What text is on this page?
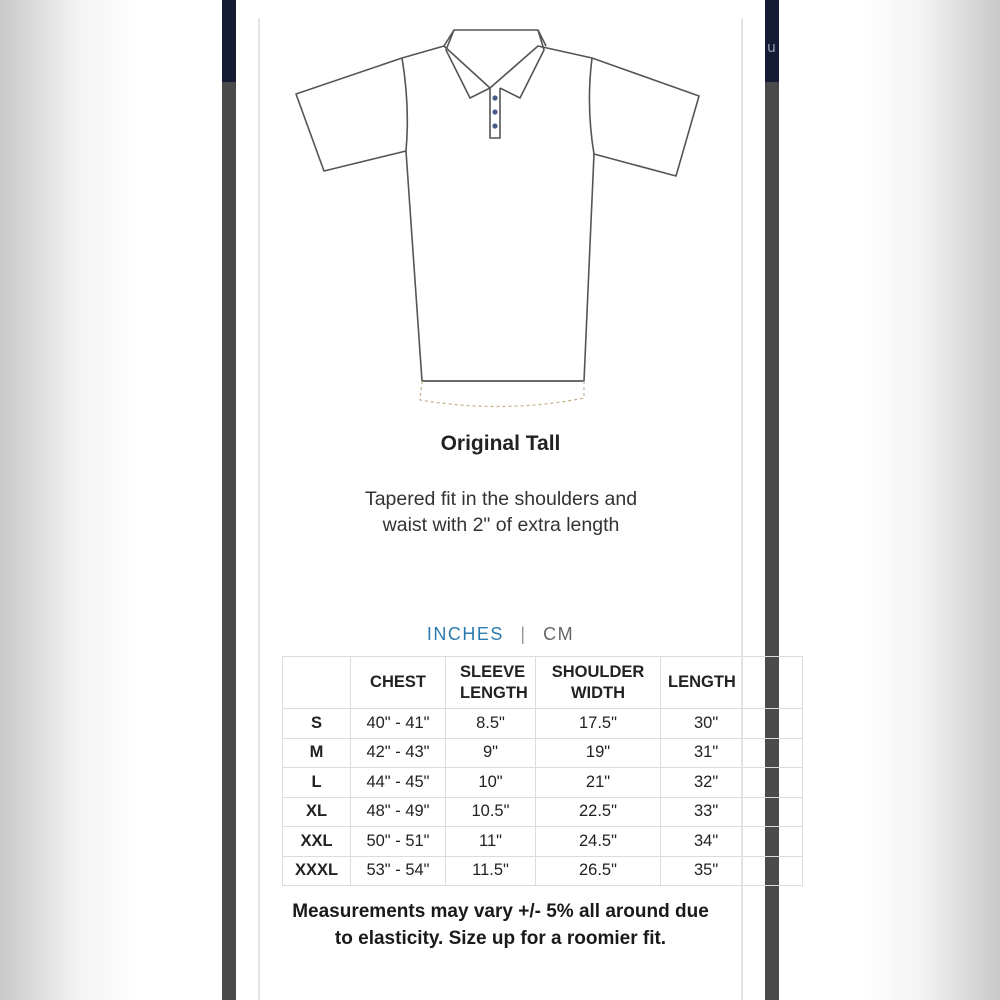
u
Original Tall
Tapered fit in the shoulders and waist with 2" of extra length
INCHES | CM
	CHEST	SLEEVE LENGTH	SHOULDER WIDTH	LENGTH
S	40" - 41"	8.5"	17.5"	30"
M	42" - 43"	9"	19"	31"
L	44" - 45"	10"	21"	32"
XL	48" - 49"	10.5"	22.5"	33"
XXL	50" - 51"	11"	24.5"	34"
XXXL	53" - 54"	11.5"	26.5"	35"
Measurements may vary +/- 5% all around due to elasticity. Size up for a roomier fit.
